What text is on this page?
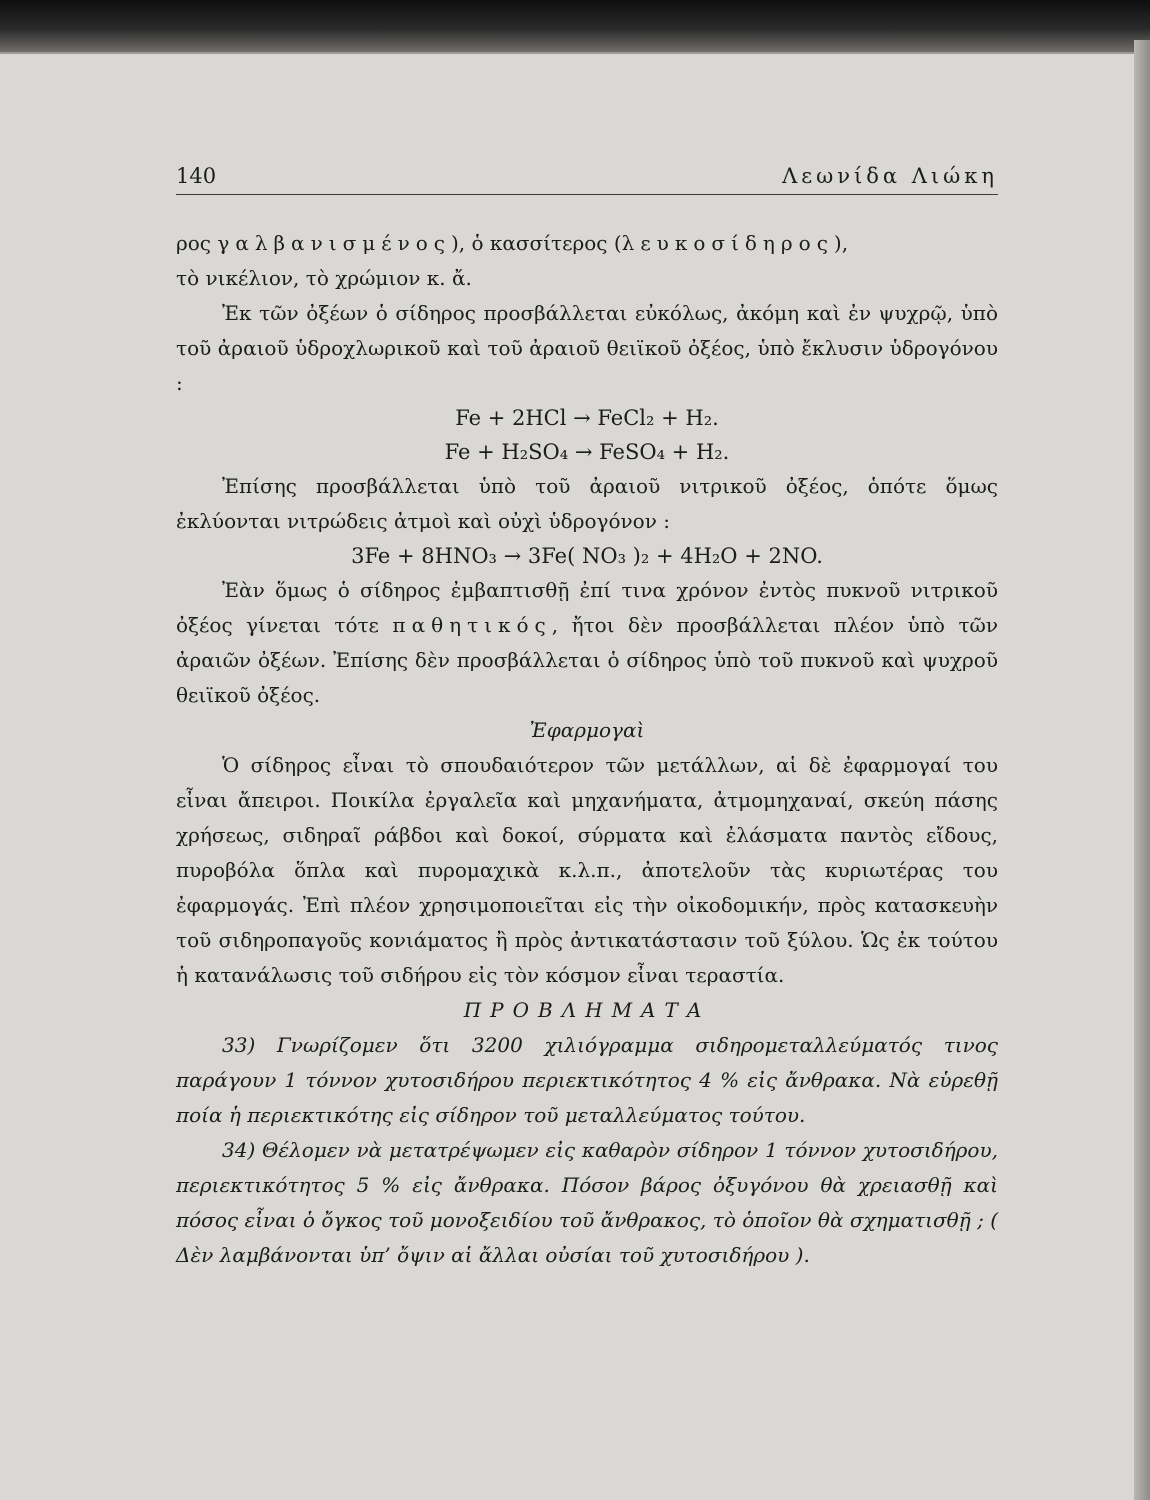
140	Λεωνίδα Λιώκη

ρος γαλβανισμένος), ὁ κασσίτερος (λευκοσίδηρος),

τὸ νικέλιον, τὸ χρώμιον κ. ἄ.

Ἐκ τῶν ὀξέων ὁ σίδηρος προσβάλλεται εὐκόλως, ἀκόμη καὶ ἐν ψυχρῷ, ὑπὸ τοῦ ἀραιοῦ ὑδροχλωρικοῦ καὶ τοῦ ἀραιοῦ θειϊκοῦ ὀξέος, ὑπὸ ἔκλυσιν ὑδρογόνου :

Fe + 2HCl → FeCl₂ + H₂.

Fe + H₂SO₄ → FeSO₄ + H₂.

Ἐπίσης προσβάλλεται ὑπὸ τοῦ ἀραιοῦ νιτρικοῦ ὀξέος, ὁπότε ὅμως ἐκλύονται νιτρώδεις ἀτμοὶ καὶ οὐχὶ ὑδρογόνον :

3Fe + 8HNO₃ → 3Fe( NO₃ )₂ + 4H₂O + 2NO.

Ἐὰν ὅμως ὁ σίδηρος ἐμβαπτισθῇ ἐπί τινα χρόνον ἐντὸς πυκνοῦ νιτρικοῦ ὀξέος γίνεται τότε παθητικός, ἤτοι δὲν προσβάλλεται πλέον ὑπὸ τῶν ἀραιῶν ὀξέων. Ἐπίσης δὲν προσβάλλεται ὁ σίδηρος ὑπὸ τοῦ πυκνοῦ καὶ ψυχροῦ θειϊκοῦ ὀξέος.

Ἐφαρμογαὶ

Ὁ σίδηρος εἶναι τὸ σπουδαιότερον τῶν μετάλλων, αἱ δὲ ἐφαρμογαί του εἶναι ἄπειροι. Ποικίλα ἐργαλεῖα καὶ μηχανήματα, ἀτμομηχαναί, σκεύη πάσης χρήσεως, σιδηραῖ ράβδοι καὶ δοκοί, σύρματα καὶ ἐλάσματα παντὸς εἴδους, πυροβόλα ὅπλα καὶ πυρομαχικὰ κ.λ.π., ἀποτελοῦν τὰς κυριωτέρας του ἐφαρμογάς. Ἐπὶ πλέον χρησιμοποιεῖται εἰς τὴν οἰκοδομικήν, πρὸς κατασκευὴν τοῦ σιδηροπαγοῦς κονιάματος ἢ πρὸς ἀντικατάστασιν τοῦ ξύλου. Ὡς ἐκ τούτου ἡ κατανάλωσις τοῦ σιδήρου εἰς τὸν κόσμον εἶναι τεραστία.

ΠΡΟΒΛΗΜΑΤΑ

33) Γνωρίζομεν ὅτι 3200 χιλιόγραμμα σιδηρομεταλλεύματός τινος παράγουν 1 τόννον χυτοσιδήρου περιεκτικότητος 4 % εἰς ἄνθρακα. Νὰ εὑρεθῇ ποία ἡ περιεκτικότης εἰς σίδηρον τοῦ μεταλλεύματος τούτου.

34) Θέλομεν νὰ μετατρέψωμεν εἰς καθαρὸν σίδηρον 1 τόννον χυτοσιδήρου, περιεκτικότητος 5 % εἰς ἄνθρακα. Πόσον βάρος ὀξυγόνου θὰ χρειασθῇ καὶ πόσος εἶναι ὁ ὄγκος τοῦ μονοξειδίου τοῦ ἄνθρακος, τὸ ὁποῖον θὰ σχηματισθῇ ; ( Δὲν λαμβάνονται ὑπ’ ὄψιν αἱ ἄλλαι οὐσίαι τοῦ χυτοσιδήρου ).
